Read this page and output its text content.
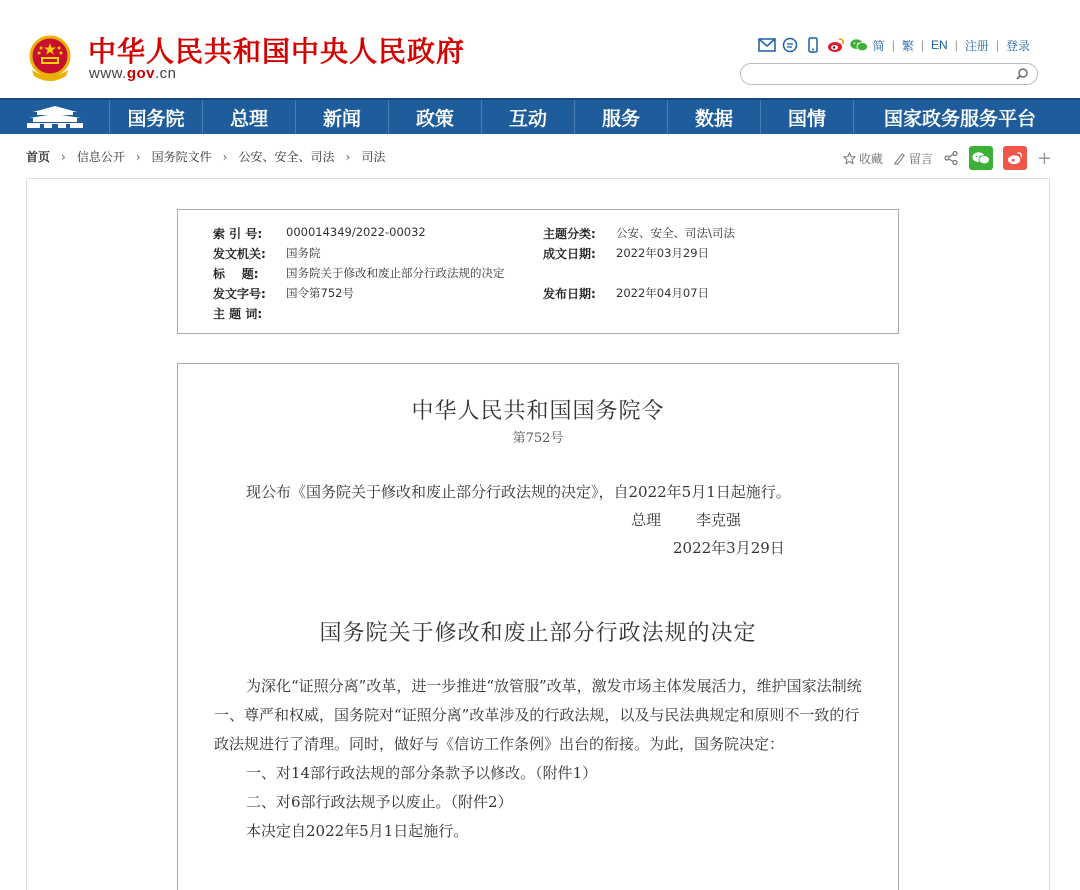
中华人民共和国中央人民政府
www.gov.cn
简 | 繁 | EN | 注册 | 登录
国务院	总理	新闻	政策	互动	服务	数据	国情	国家政务服务平台
首页 › 信息公开 › 国务院文件 › 公安、安全、司法 › 司法	收藏 留言	+
索 引 号:	000014349/2022-00032	主题分类:	公安、安全、司法\司法
发文机关:	国务院	成文日期:	2022年03月29日
标    题:	国务院关于修改和废止部分行政法规的决定
发文字号:	国令第752号	发布日期:	2022年04月07日
主 题 词:
中华人民共和国国务院令
第752号
现公布《国务院关于修改和废止部分行政法规的决定》，自2022年5月1日起施行。
总理 李克强
2022年3月29日
国务院关于修改和废止部分行政法规的决定

为深化“证照分离”改革，进一步推进“放管服”改革，激发市场主体发展活力，维护国家法制统一、尊严和权威，国务院对“证照分离”改革涉及的行政法规，以及与民法典规定和原则不一致的行政法规进行了清理。同时，做好与《信访工作条例》出台的衔接。为此，国务院决定：

一、对14部行政法规的部分条款予以修改。（附件1）

二、对6部行政法规予以废止。（附件2）

本决定自2022年5月1日起施行。
